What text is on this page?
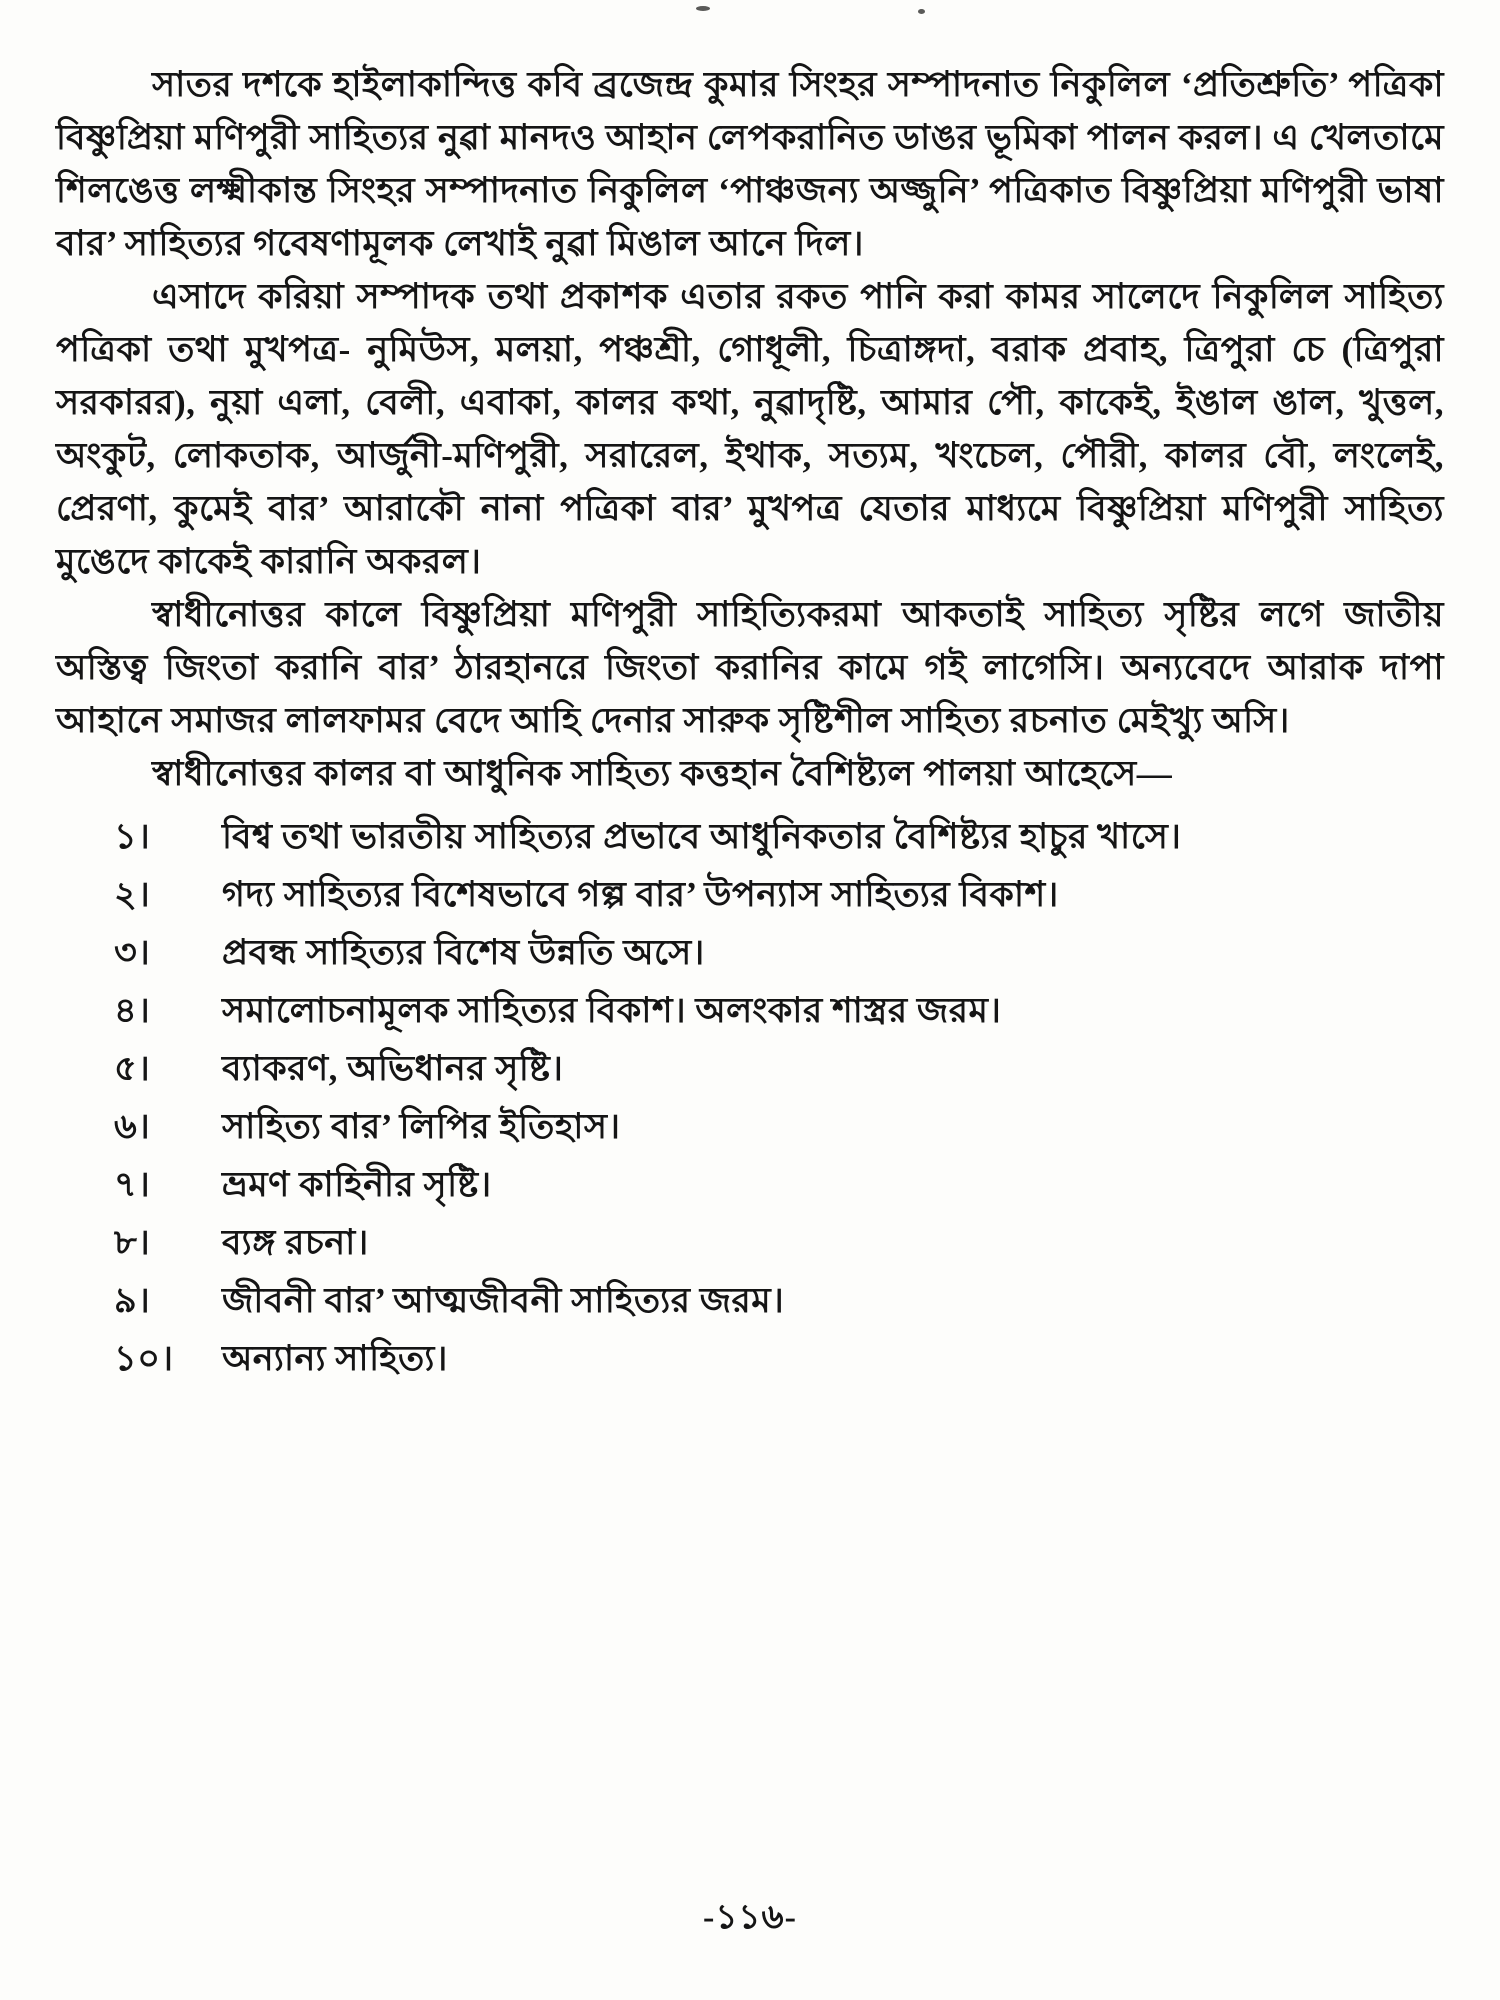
সাতর দশকে হাইলাকান্দিত্ত কবি ব্রজেন্দ্র কুমার সিংহর সম্পাদনাত নিকুলিল ‘প্রতিশ্রুতি’ পত্রিকা বিষ্ণুপ্রিয়া মণিপুরী সাহিত্যর নুৱা মানদও আহান লেপকরানিত ডাঙর ভূমিকা পালন করল। এ খেলতামে শিলঙেত্ত লক্ষ্মীকান্ত সিংহর সম্পাদনাত নিকুলিল ‘পাঞ্চজন্য অজ্জুনি’ পত্রিকাত বিষ্ণুপ্রিয়া মণিপুরী ভাষা বার’ সাহিত্যর গবেষণামূলক লেখাই নুৱা মিঙাল আনে দিল।

এসাদে করিয়া সম্পাদক তথা প্রকাশক এতার রকত পানি করা কামর সালেদে নিকুলিল সাহিত্য পত্রিকা তথা মুখপত্র- নুমিউস, মলয়া, পঞ্চশ্রী, গোধূলী, চিত্রাঙ্গদা, বরাক প্রবাহ, ত্রিপুরা চে (ত্রিপুরা সরকারর), নুয়া এলা, বেলী, এবাকা, কালর কথা, নুৱাদৃষ্টি, আমার পৌ, কাকেই, ইঙাল ঙাল, খুত্তল, অংকুট, লোকতাক, আর্জুনী-মণিপুরী, সরারেল, ইথাক, সত্যম, খংচেল, পৌরী, কালর বৌ, লংলেই, প্রেরণা, কুমেই বার’ আরাকৌ নানা পত্রিকা বার’ মুখপত্র যেতার মাধ্যমে বিষ্ণুপ্রিয়া মণিপুরী সাহিত্য মুঙেদে কাকেই কারানি অকরল।

স্বাধীনোত্তর কালে বিষ্ণুপ্রিয়া মণিপুরী সাহিত্যিকরমা আকতাই সাহিত্য সৃষ্টির লগে জাতীয় অস্তিত্ব জিংতা করানি বার’ ঠারহানরে জিংতা করানির কামে গই লাগেসি। অন্যবেদে আরাক দাপা আহানে সমাজর লালফামর বেদে আহি দেনার সারুক সৃষ্টিশীল সাহিত্য রচনাত মেইখ্যু অসি।

স্বাধীনোত্তর কালর বা আধুনিক সাহিত্য কত্তহান বৈশিষ্ট্যল পালয়া আহেসে—

১।	বিশ্ব তথা ভারতীয় সাহিত্যর প্রভাবে আধুনিকতার বৈশিষ্ট্যর হাচুর খাসে।
২।	গদ্য সাহিত্যর বিশেষভাবে গল্প বার’ উপন্যাস সাহিত্যর বিকাশ।
৩।	প্রবন্ধ সাহিত্যর বিশেষ উন্নতি অসে।
৪।	সমালোচনামূলক সাহিত্যর বিকাশ। অলংকার শাস্ত্রর জরম।
৫।	ব্যাকরণ, অভিধানর সৃষ্টি।
৬।	সাহিত্য বার’ লিপির ইতিহাস।
৭।	ভ্রমণ কাহিনীর সৃষ্টি।
৮।	ব্যঙ্গ রচনা।
৯।	জীবনী বার’ আত্মজীবনী সাহিত্যর জরম।
১০।	অন্যান্য সাহিত্য।
-১১৬-
